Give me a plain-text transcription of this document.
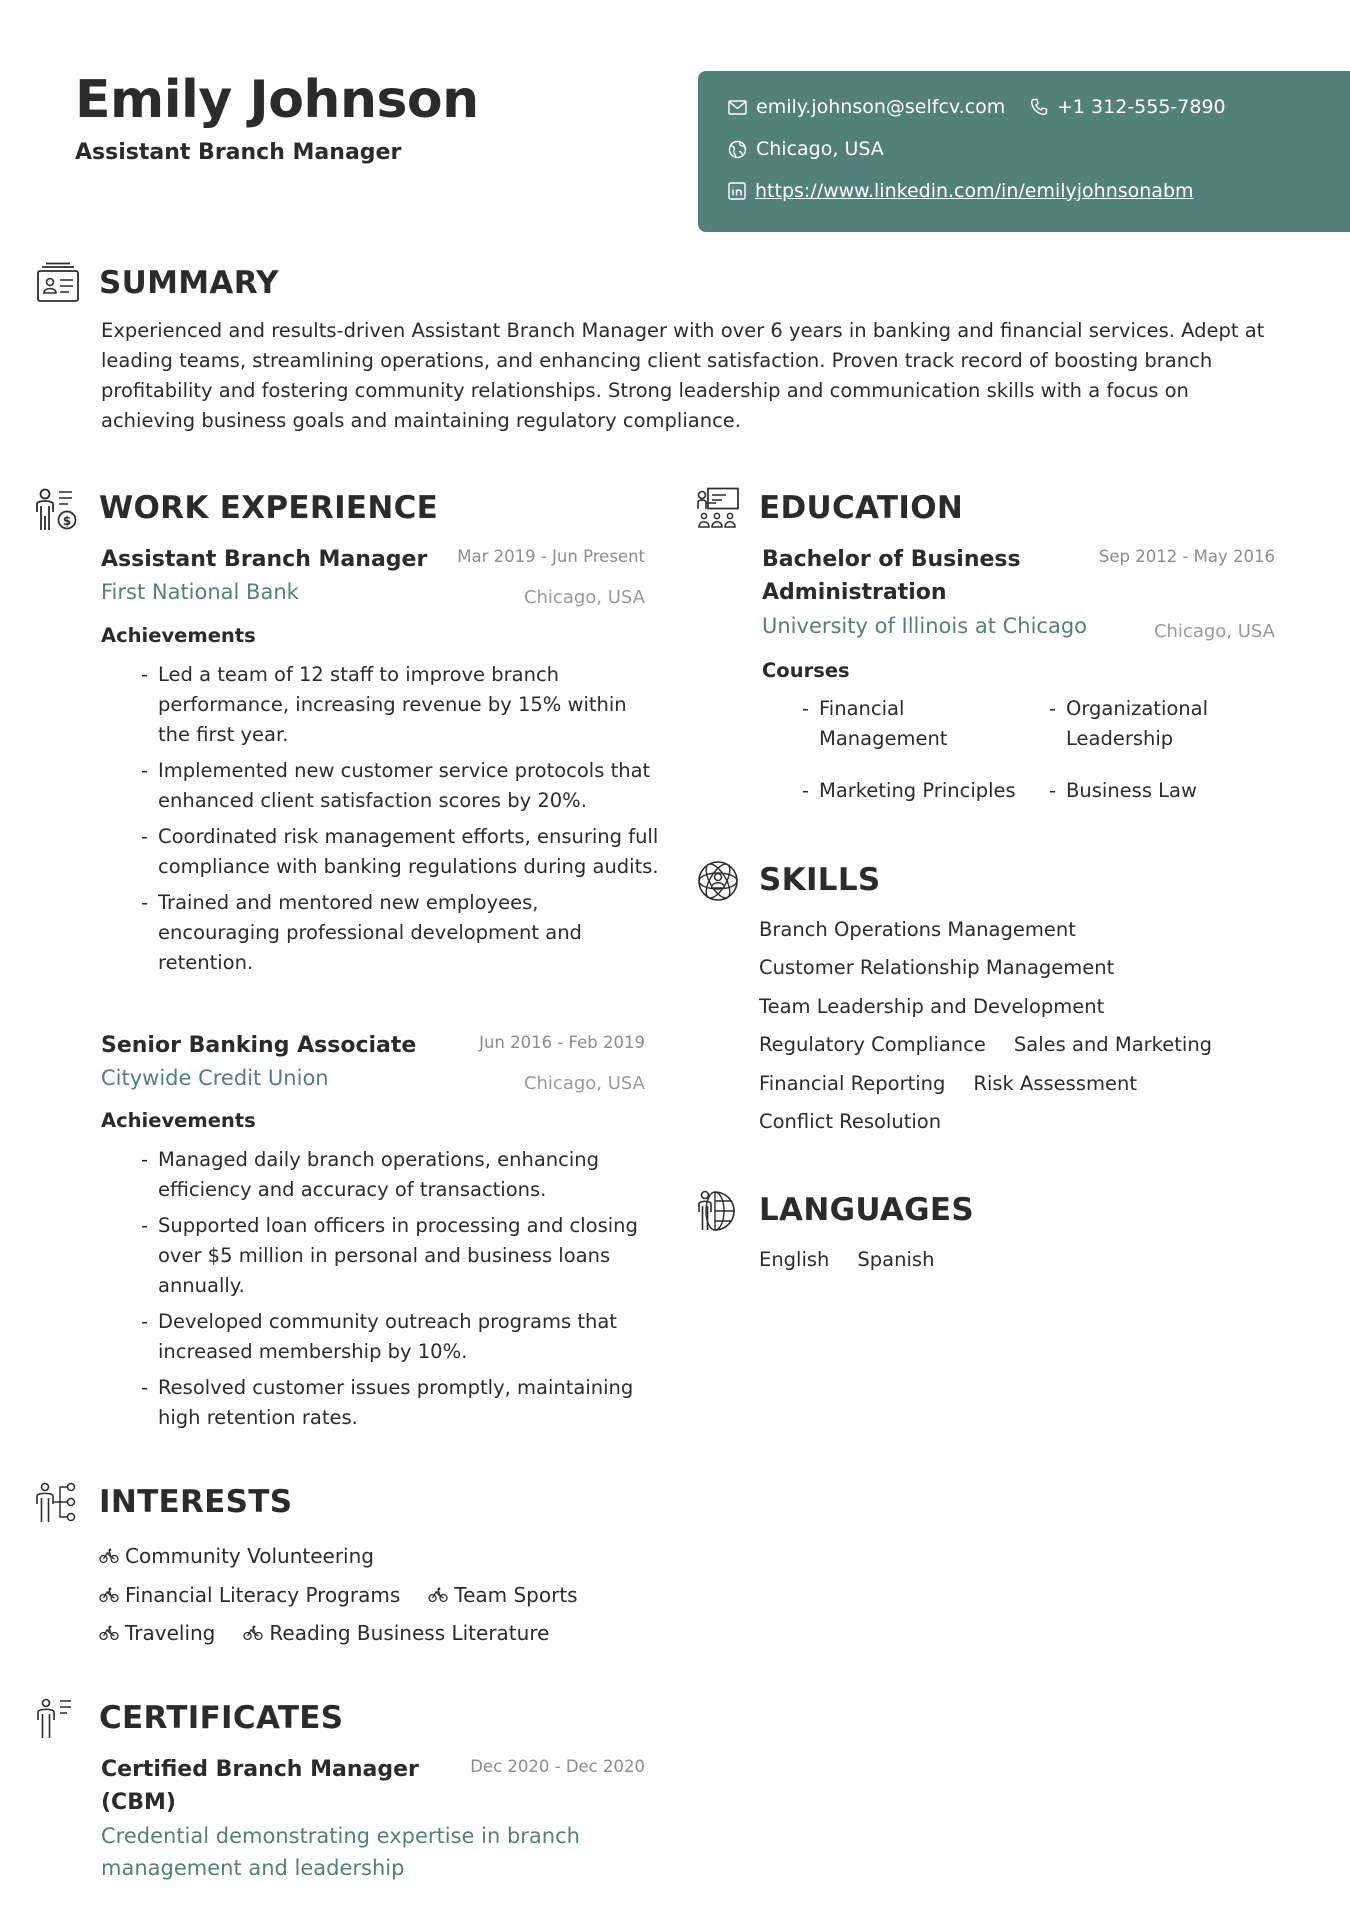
Emily Johnson
Assistant Branch Manager
emily.johnson@selfcv.com	+1 312-555-7890
Chicago, USA
https://www.linkedin.com/in/emilyjohnsonabm
SUMMARY
Experienced and results-driven Assistant Branch Manager with over 6 years in banking and financial services. Adept at leading teams, streamlining operations, and enhancing client satisfaction. Proven track record of boosting branch profitability and fostering community relationships. Strong leadership and communication skills with a focus on achieving business goals and maintaining regulatory compliance.
$ WORK EXPERIENCE
Assistant Branch Manager	Mar 2019 - Jun Present
First National Bank	Chicago, USA
Achievements
- Led a team of 12 staff to improve branch performance, increasing revenue by 15% within the first year.
- Implemented new customer service protocols that enhanced client satisfaction scores by 20%.
- Coordinated risk management efforts, ensuring full compliance with banking regulations during audits.
- Trained and mentored new employees, encouraging professional development and retention.
Senior Banking Associate	Jun 2016 - Feb 2019
Citywide Credit Union	Chicago, USA
Achievements
- Managed daily branch operations, enhancing efficiency and accuracy of transactions.
- Supported loan officers in processing and closing over $5 million in personal and business loans annually.
- Developed community outreach programs that increased membership by 10%.
- Resolved customer issues promptly, maintaining high retention rates.
EDUCATION
Bachelor of Business Administration
Sep 2012 - May 2016
University of Illinois at Chicago	Chicago, USA
Courses
- Financial Management
- Organizational Leadership
- Marketing Principles
-	Business Law
SKILLS
Branch Operations Management
Customer Relationship Management
Team Leadership and Development
Regulatory Compliance Sales and Marketing
Financial Reporting Risk Assessment
Conflict Resolution
LANGUAGES
English Spanish
INTERESTS
Community Volunteering
Financial Literacy Programs	Team Sports
Traveling	Reading Business Literature
CERTIFICATES
Certified Branch Manager (CBM)
Dec 2020 - Dec 2020
Credential demonstrating expertise in branch management and leadership
